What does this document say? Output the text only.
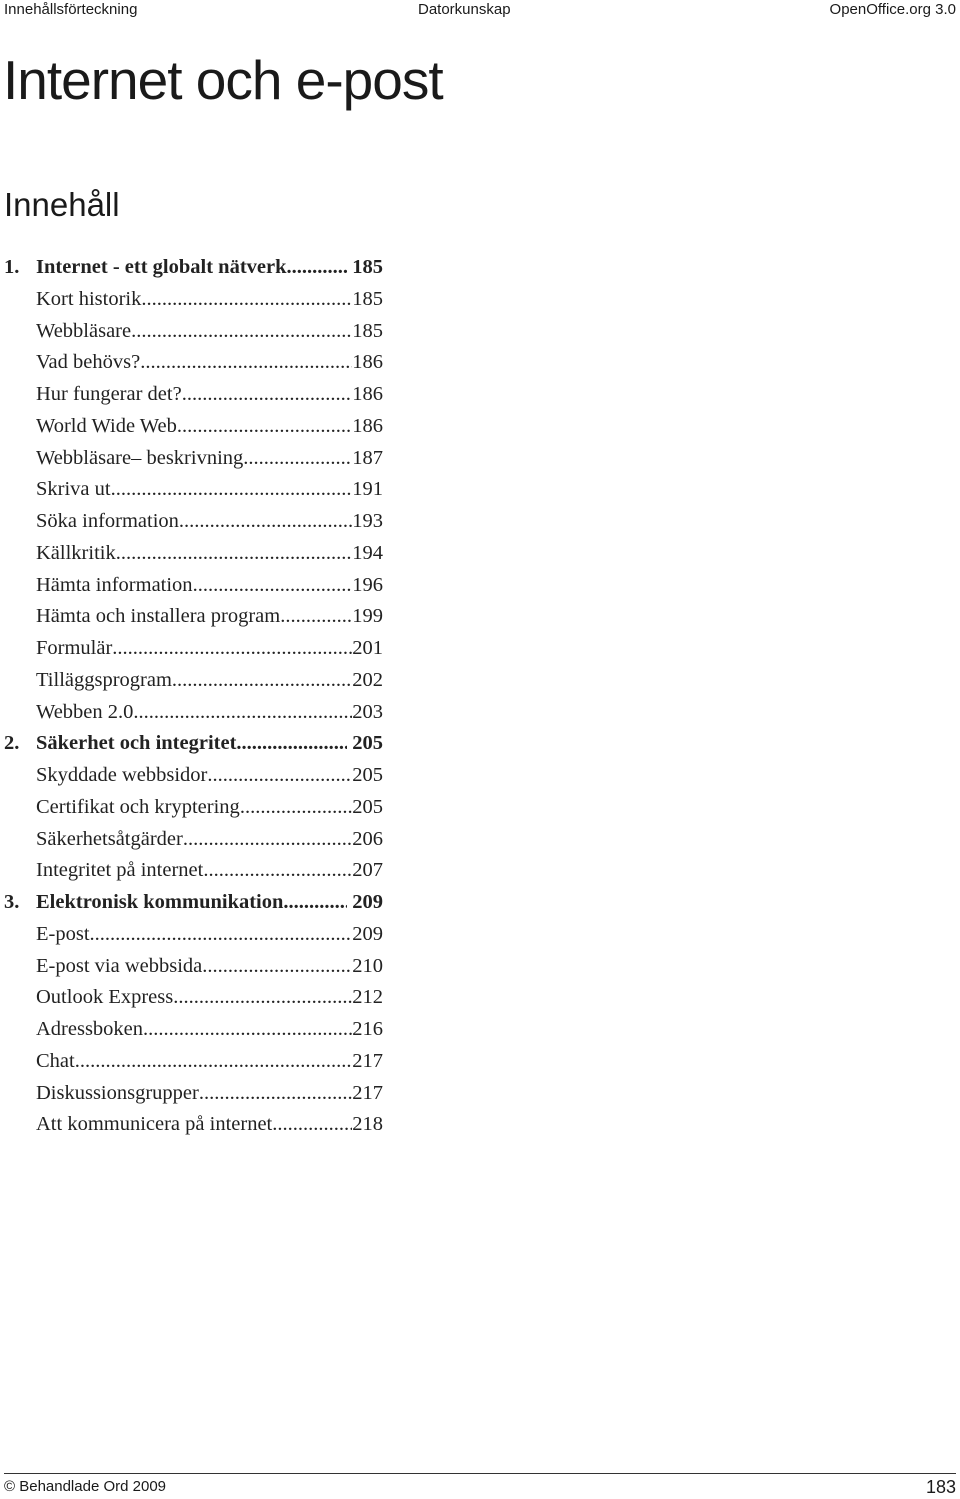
Innehållsförteckning	Datorkunskap	OpenOffice.org 3.0
Internet och e-post
Innehåll
1. Internet - ett globalt nätverk .....	185
Kort historik .....	185
Webbläsare .....	185
Vad behövs? .....	186
Hur fungerar det? .....	186
World Wide Web .....	186
Webbläsare– beskrivning .....	187
Skriva ut .....	191
Söka information .....	193
Källkritik .....	194
Hämta information .....	196
Hämta och installera program .....	199
Formulär .....	201
Tilläggsprogram .....	202
Webben 2.0 .....	203
2. Säkerhet och integritet .....	205
Skyddade webbsidor .....	205
Certifikat och kryptering .....	205
Säkerhetsåtgärder .....	206
Integritet på internet .....	207
3. Elektronisk kommunikation .....	209
E-post .....	209
E-post via webbsida .....	210
Outlook Express .....	212
Adressboken .....	216
Chat .....	217
Diskussionsgrupper .....	217
Att kommunicera på internet .....	218
© Behandlade Ord 2009	183
